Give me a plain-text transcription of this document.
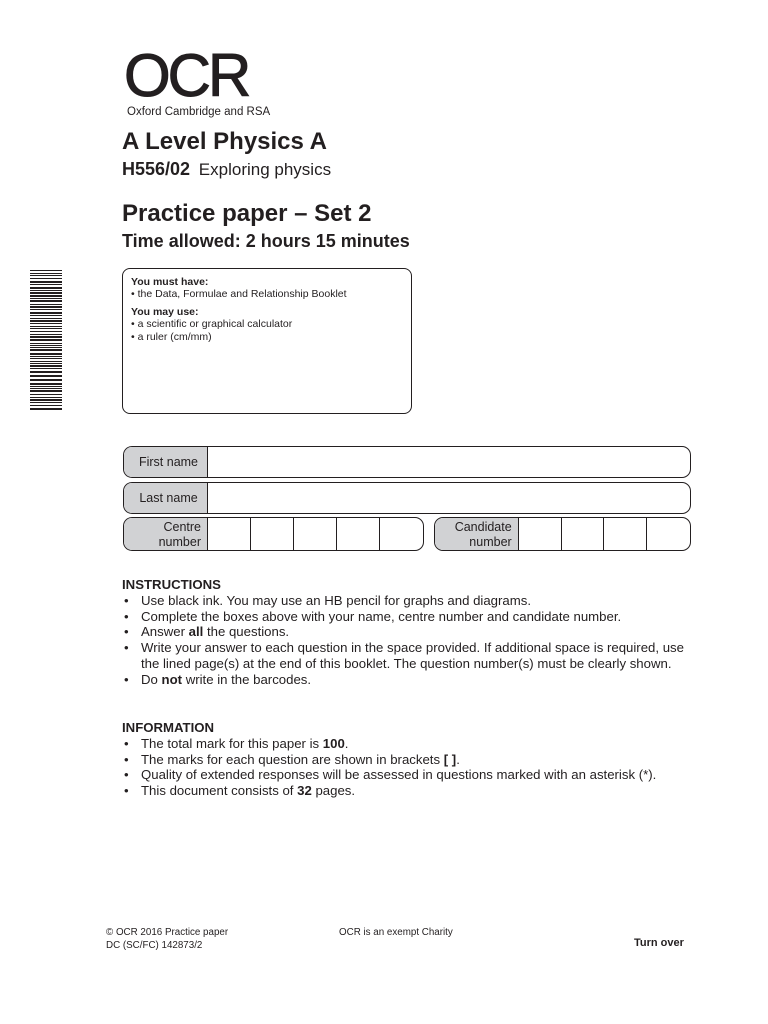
OCR
Oxford Cambridge and RSA
A Level Physics A
H556/02 Exploring physics
Practice paper – Set 2
Time allowed: 2 hours 15 minutes
You must have:
• the Data, Formulae and Relationship Booklet
You may use:
• a scientific or graphical calculator
• a ruler (cm/mm)
First name
Last name
Centre
number
Candidate
number
INSTRUCTIONS
• Use black ink. You may use an HB pencil for graphs and diagrams.
• Complete the boxes above with your name, centre number and candidate number.
• Answer all the questions.
• Write your answer to each question in the space provided. If additional space is required, use the lined page(s) at the end of this booklet. The question number(s) must be clearly shown.
• Do not write in the barcodes.
INFORMATION
• The total mark for this paper is 100.
• The marks for each question are shown in brackets [ ].
• Quality of extended responses will be assessed in questions marked with an asterisk (*).
• This document consists of 32 pages.
© OCR 2016 Practice paper
DC (SC/FC) 142873/2
OCR is an exempt Charity
Turn over
